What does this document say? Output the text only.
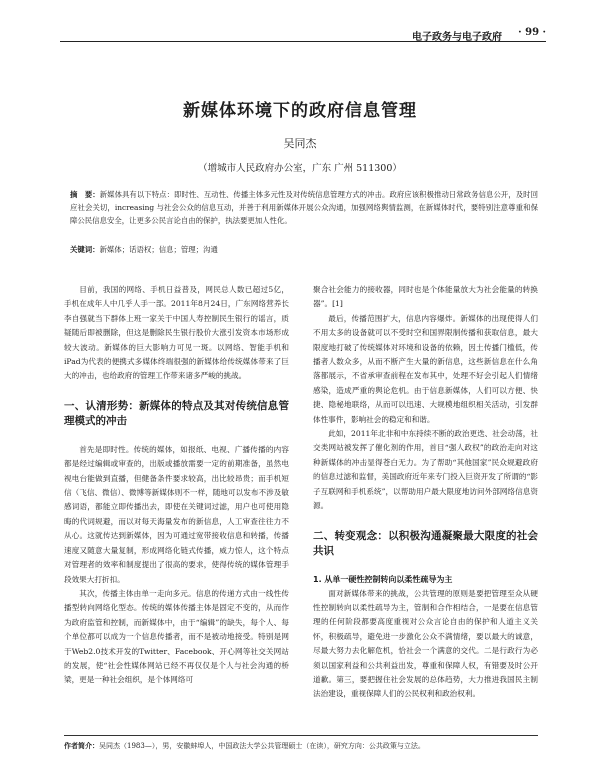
电子政务与电子政府 · 99 ·
新媒体环境下的政府信息管理
吴同杰
（增城市人民政府办公室，广东 广州 511300）
摘　要：新媒体具有以下特点：即时性、互动性、传播主体多元性及对传统信息管理方式的冲击。政府应该积极推动日常政务信息公开，及时回应社会关切，increasing 与社会公众的信息互动，并善于利用新媒体开展公众沟通，加强网络舆情监测，在新媒体时代，要特别注意尊重和保障公民信息安全，让更多公民言论自由的保护，执法要更加人性化。
关键词：新媒体；话语权；信息；管理；沟通

目前，我国的网络、手机日益普及，网民总人数已超过5亿，手机在成年人中几乎人手一部。2011年8月24日，广东网络营养长李自强就当下群体上班一家关于中国人寿控制民生银行的谣言，质疑随后即被删除，但这是删除民生银行股价大涨引发资本市场形成较大波动。新媒体的巨大影响力可见一斑。以网络、智能手机和iPad为代表的便携式多媒体终端很强的新媒体给传统媒体带来了巨大的冲击，也给政府的管理工作带来诸多严峻的挑战。

一、认清形势：新媒体的特点及其对传统信息管理模式的冲击

首先是即时性。传统的媒体，如报纸、电视、广播传播的内容都是经过编辑或审查的，出版或播放需要一定的前期准备，虽然电视电台能做到直播，但健备条件要求较高，出比较昂贵；而手机短信（飞信、微信）、微博等新媒体则不一样，随地可以发布不涉及敏感词语，都能立即传播出去，即使在关键词过滤，用户也可使用隐晦的代词规避，而以对每天海量发布的新信息，人工审查往往力不从心。这就传达到新媒体，因为可通过宽带接收信息和转播，传播速度又随意大量复制，形成网络化链式传播，威力惊人，这个特点对管理者的效率和制度提出了很高的要求，使得传统的媒体管理手段效果大打折扣。

其次，传播主体由单一走向多元。信息的传递方式由一线性传播型转向网络化型态。传统的媒体传播主体是固定不变的，从而作为政府监管和控制，而新媒体中，由于“编辑”的缺失，每个人、每个单位都可以成为一个信息传播者，而不是被动地接受。特别是网于Web2.0技术开发的Twitter、Facebook、开心网等社交关网站的发展，使“社会性媒体网站已经不再仅仅是个人与社会沟通的桥梁，更是一种社会组织，是个体网络可

聚合社会能力的接收器，同时也是个体能量放大为社会能量的转换器”。[1]

最后，传播范围扩大，信息内容爆炸。新媒体的出现使得人们不用太多的设备就可以不受时空和国界限制传播和获取信息，最大限度地打破了传统媒体对环境和设备的依赖，因土传播门槛低，传播者人数众多，从而不断产生大量的新信息，这些新信息在什么角落都展示，不省承审查前程在发布其中，处理不好会引起人们情绪感染，造成严重的舆论危机。由于信息新媒体，人们可以方便、快捷、隐秘地联络，从而可以迅速、大规模地组织相关活动，引发群体性事件，影响社会的稳定和和谐。

此如，2011年北非和中东持续不断的政治更迭、社会动荡，社交类网站被发挥了催化剂的作用，首目“强人政权”的政治走向对这种新媒体的冲击显得苍白无力。为了帮助“其他国家”民众规避政府的信息过滤和监督，美国政府近年来专门投入巨资开发了所谓的“影子互联网和手机系统”，以帮助用户最大限度地访问外部网络信息资源。

二、转变观念：以积极沟通凝聚最大限度的社会共识
1. 从单一硬性控制转向以柔性疏导为主

面对新媒体带来的挑战，公共管理的原则是要把管理至众从硬性控制转向以柔性疏导为主，管制和合作相结合，一是要在信息管理的任何阶段都要高度重视对公众言论自由的保护和人道主义关怀，积极疏导，避免进一步激化公众不满情绪，要以最大的诚意，尽最大努力去化解危机，恰社会一个满意的交代。二是行政行为必须以国家利益和公共利益出发，尊重和保障人权，有错要及时公开道歉。第三，要把握住社会发展的总体趋势，大力推进我国民主制法治建设，重视保障人们的公民权利和政治权利。

作者简介：吴同杰（1983—），男，安徽蚌埠人，中国政法大学公共管理硕士（在读），研究方向：公共政策与立法。
